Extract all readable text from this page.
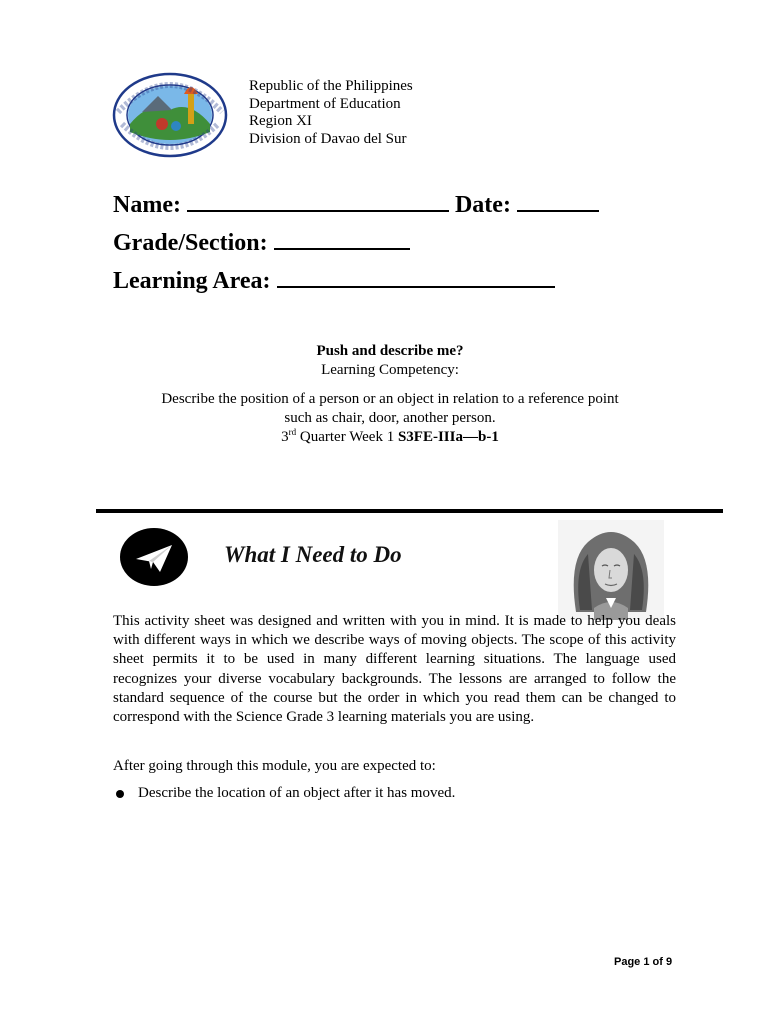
Republic of the Philippines
Department of Education
Region XI
Division of Davao del Sur
Name:	Date:
Grade/Section:
Learning Area:
Push and describe me?
Learning Competency:
Describe the position of a person or an object in relation to a reference point
such as chair, door, another person.
3rd Quarter Week 1 S3FE-IIIa—b-1
What I Need to Do
This activity sheet was designed and written with you in mind. It is made to help you deals with different ways in which we describe ways of moving objects. The scope of this activity sheet permits it to be used in many different learning situations. The language used recognizes your diverse vocabulary backgrounds. The lessons are arranged to follow the standard sequence of the course but the order in which you read them can be changed to correspond with the Science Grade 3 learning materials you are using.
After going through this module, you are expected to:
Describe the location of an object after it has moved.
Page 1 of 9
